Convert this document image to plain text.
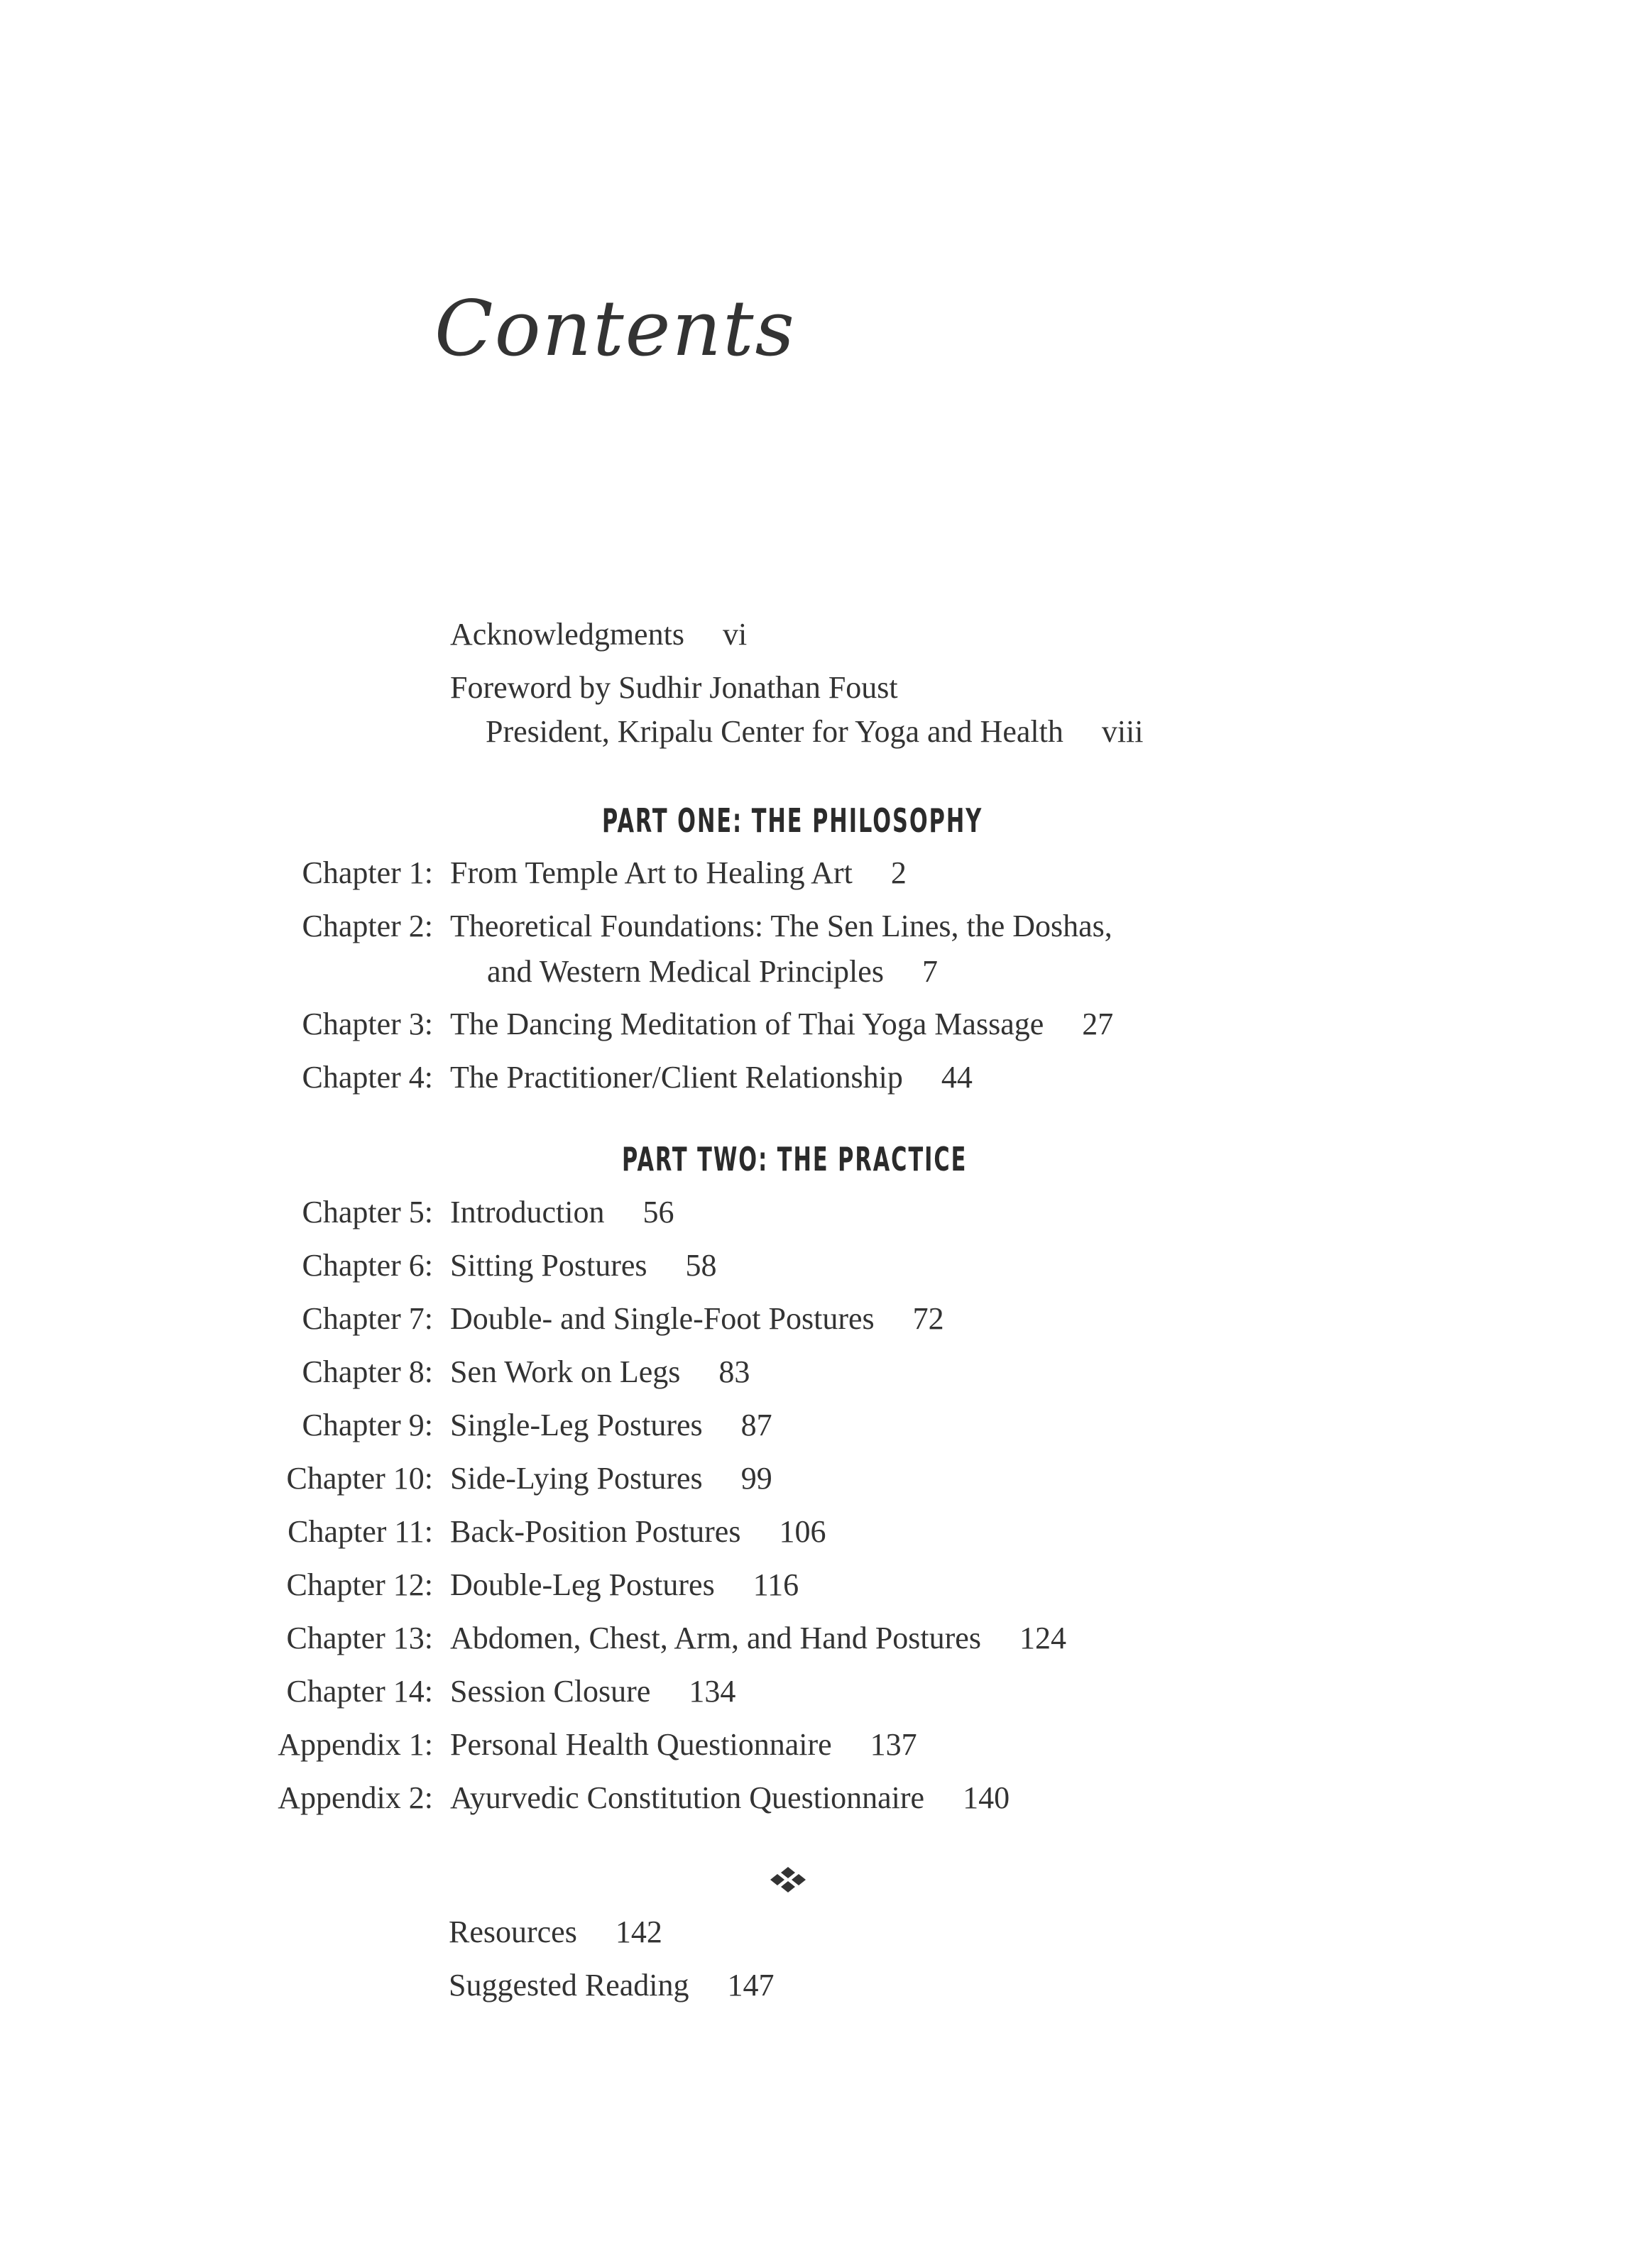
Contents
Acknowledgments vi
Foreword by Sudhir Jonathan Foust
President, Kripalu Center for Yoga and Health viii
PART ONE: THE PHILOSOPHY
Chapter 1: From Temple Art to Healing Art 2
Chapter 2: Theoretical Foundations: The Sen Lines, the Doshas,
and Western Medical Principles 7
Chapter 3: The Dancing Meditation of Thai Yoga Massage 27
Chapter 4: The Practitioner/Client Relationship 44
PART TWO: THE PRACTICE
Chapter 5: Introduction 56
Chapter 6: Sitting Postures 58
Chapter 7: Double- and Single-Foot Postures 72
Chapter 8: Sen Work on Legs 83
Chapter 9: Single-Leg Postures 87
Chapter 10: Side-Lying Postures 99
Chapter 11: Back-Position Postures 106
Chapter 12: Double-Leg Postures 116
Chapter 13: Abdomen, Chest, Arm, and Hand Postures 124
Chapter 14: Session Closure 134
Appendix 1: Personal Health Questionnaire 137
Appendix 2: Ayurvedic Constitution Questionnaire 140
Resources 142
Suggested Reading 147
